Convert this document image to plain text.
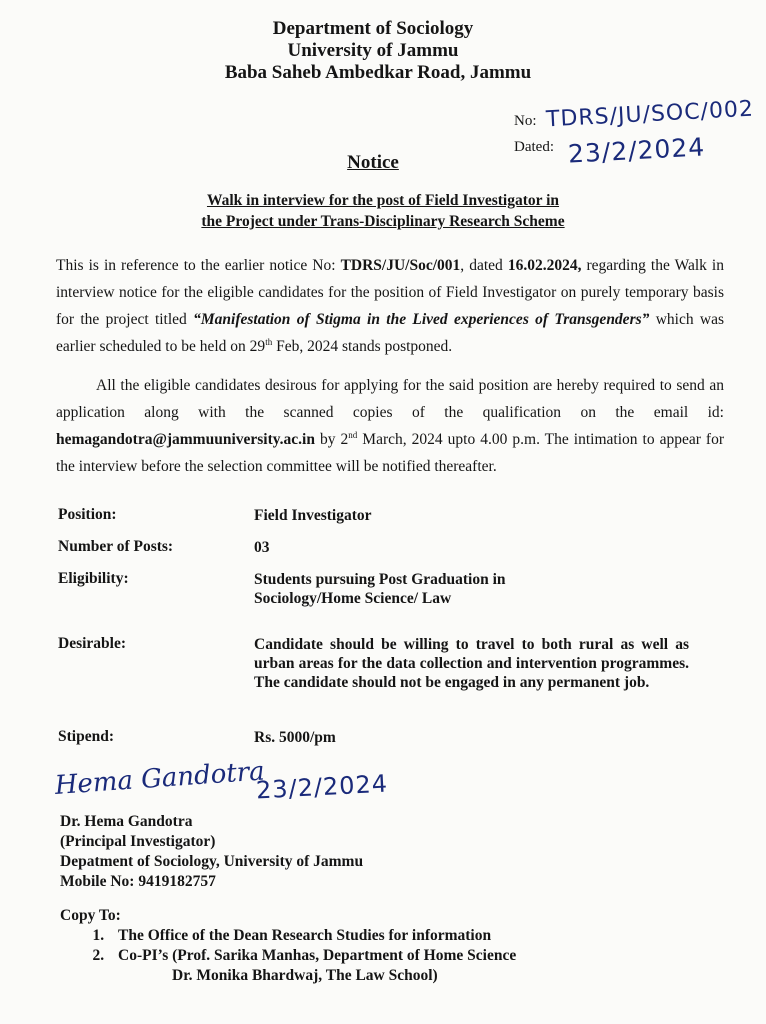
Department of Sociology
University of Jammu
Baba Saheb Ambedkar Road, Jammu
No: TDRS/JU/SOC/002
Dated: 23/2/2024
Notice
Walk in interview for the post of Field Investigator in
the Project under Trans-Disciplinary Research Scheme
This is in reference to the earlier notice No: TDRS/JU/Soc/001, dated 16.02.2024, regarding the Walk in interview notice for the eligible candidates for the position of Field Investigator on purely temporary basis for the project titled “Manifestation of Stigma in the Lived experiences of Transgenders” which was earlier scheduled to be held on 29th Feb, 2024 stands postponed.
All the eligible candidates desirous for applying for the said position are hereby required to send an application along with the scanned copies of the qualification on the email id: hemagandotra@jammuuniversity.ac.in by 2nd March, 2024 upto 4.00 p.m. The intimation to appear for the interview before the selection committee will be notified thereafter.
Position:	Field Investigator
Number of Posts:	03
Eligibility:	Students pursuing Post Graduation in
Sociology/Home Science/ Law
Desirable:	Candidate should be willing to travel to both rural as well as urban areas for the data collection and intervention programmes. The candidate should not be engaged in any permanent job.
Stipend:	Rs. 5000/pm
Hema Gandotra
23/2/2024
Dr. Hema Gandotra
(Principal Investigator)
Depatment of Sociology, University of Jammu
Mobile No: 9419182757
Copy To:
1. The Office of the Dean Research Studies for information
2. Co-PI’s (Prof. Sarika Manhas, Department of Home Science
Dr. Monika Bhardwaj, The Law School)
